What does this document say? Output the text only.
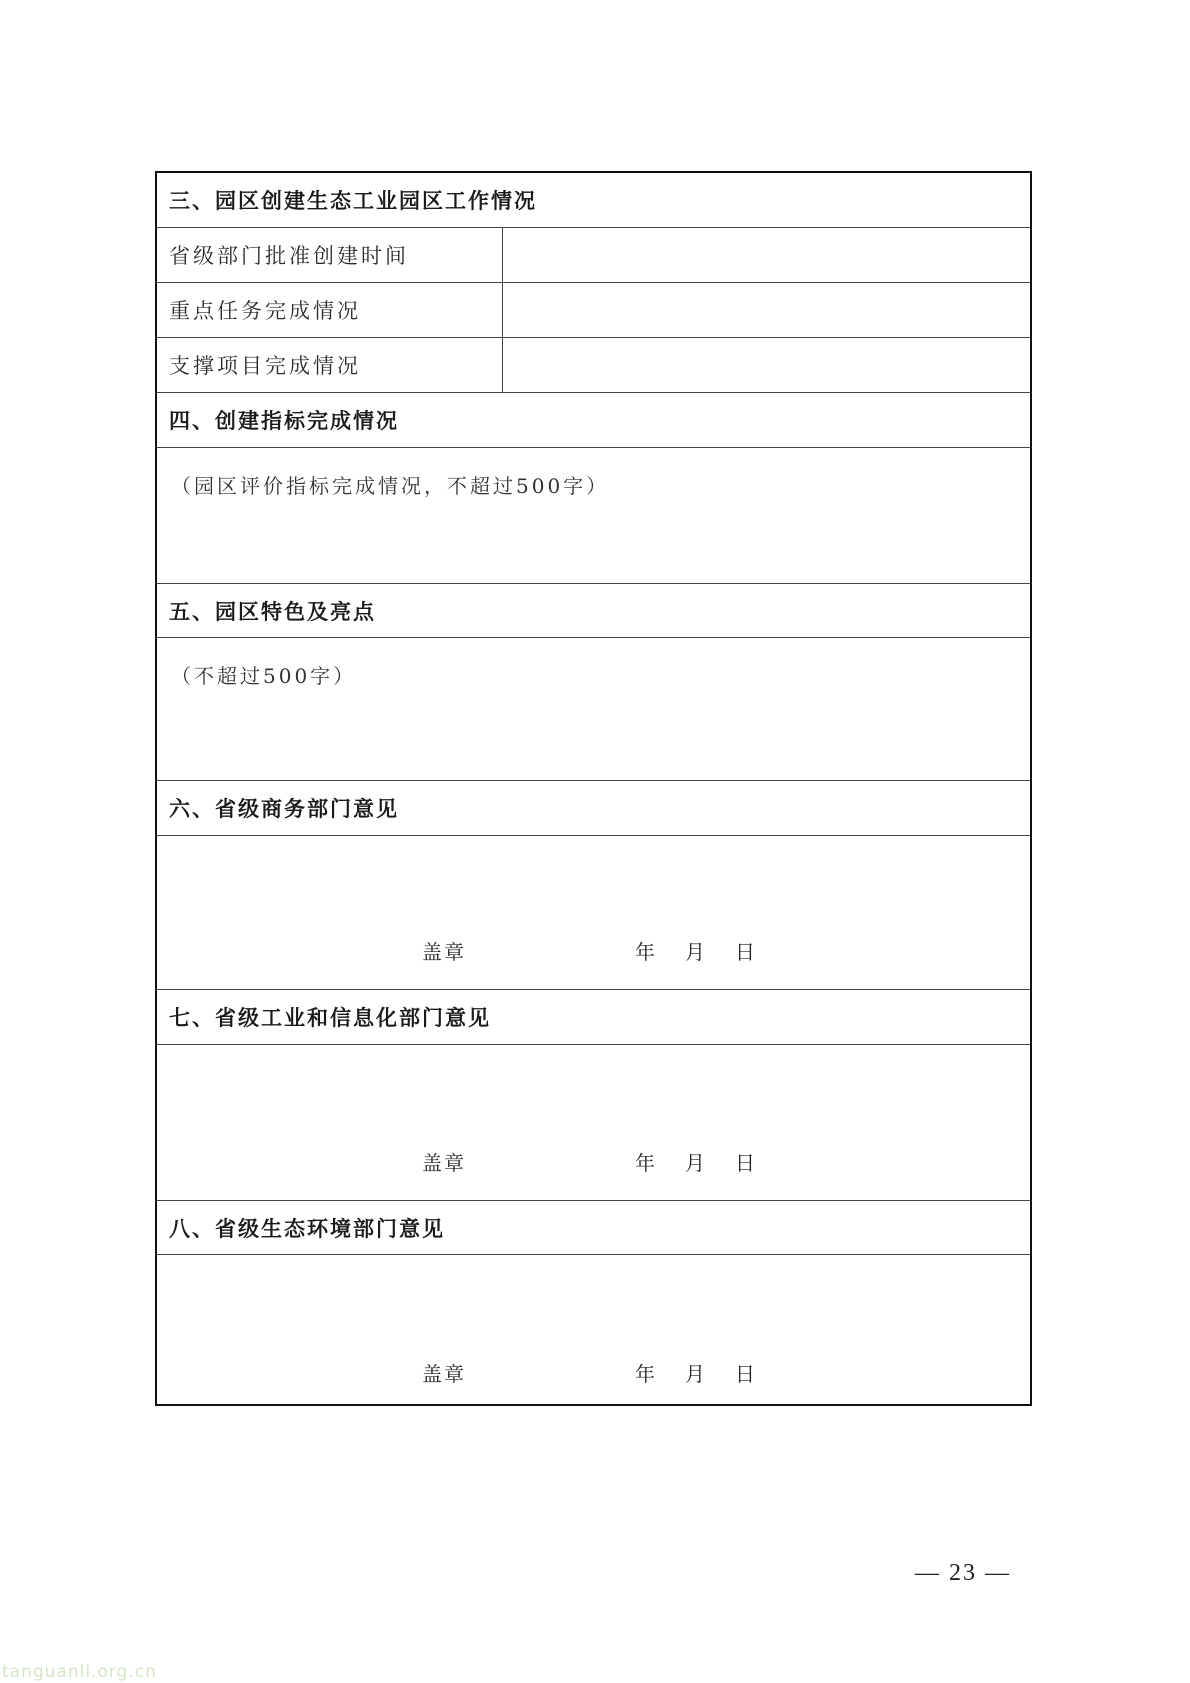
三、园区创建生态工业园区工作情况
省级部门批准创建时间
重点任务完成情况
支撑项目完成情况
四、创建指标完成情况
（园区评价指标完成情况，不超过500字）
五、园区特色及亮点
（不超过500字）
六、省级商务部门意见
盖章	年 月 日
七、省级工业和信息化部门意见
盖章	年 月 日
八、省级生态环境部门意见
盖章	年 月 日
— 23 —
tanguanli.org.cn
